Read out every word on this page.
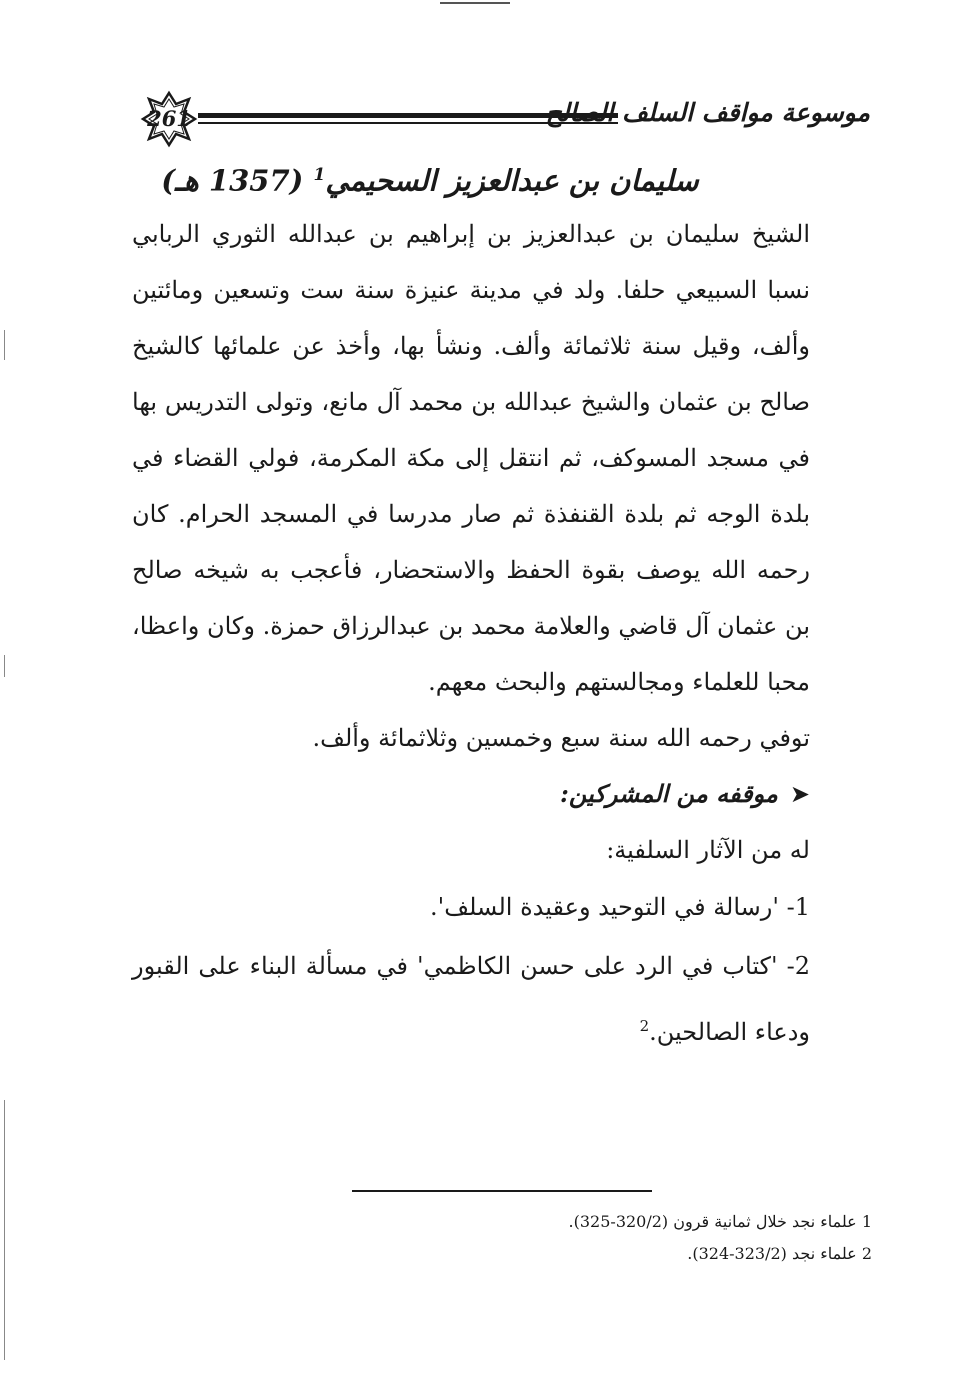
261	موسوعة مواقف السلف الصالح
سليمان بن عبدالعزيز السحيمي$^1$ (1357 هـ)

الشيخ سليمان بن عبدالعزيز بن إبراهيم بن عبدالله الثوري الربابي نسبا السبيعي حلفا. ولد في مدينة عنيزة سنة ست وتسعين ومائتين وألف، وقيل سنة ثلاثمائة وألف. ونشأ بها، وأخذ عن علمائها كالشيخ صالح بن عثمان والشيخ عبدالله بن محمد آل مانع، وتولى التدريس بها في مسجد المسوكف، ثم انتقل إلى مكة المكرمة، فولي القضاء في بلدة الوجه ثم بلدة القنفذة ثم صار مدرسا في المسجد الحرام. كان رحمه الله يوصف بقوة الحفظ والاستحضار، فأعجب به شيخه صالح بن عثمان آل قاضي والعلامة محمد بن عبدالرزاق حمزة. وكان واعظا، محبا للعلماء ومجالستهم والبحث معهم.

توفي رحمه الله سنة سبع وخمسين وثلاثمائة وألف.

➤موقفه من المشركين:

له من الآثار السلفية:

1- 'رسالة في التوحيد وعقيدة السلف'.

2- 'كتاب في الرد على حسن الكاظمي' في مسألة البناء على القبور ودعاء الصالحين.$^2$

1 علماء نجد خلال ثمانية قرون (320/2-325).

2 علماء نجد (323/2-324).
